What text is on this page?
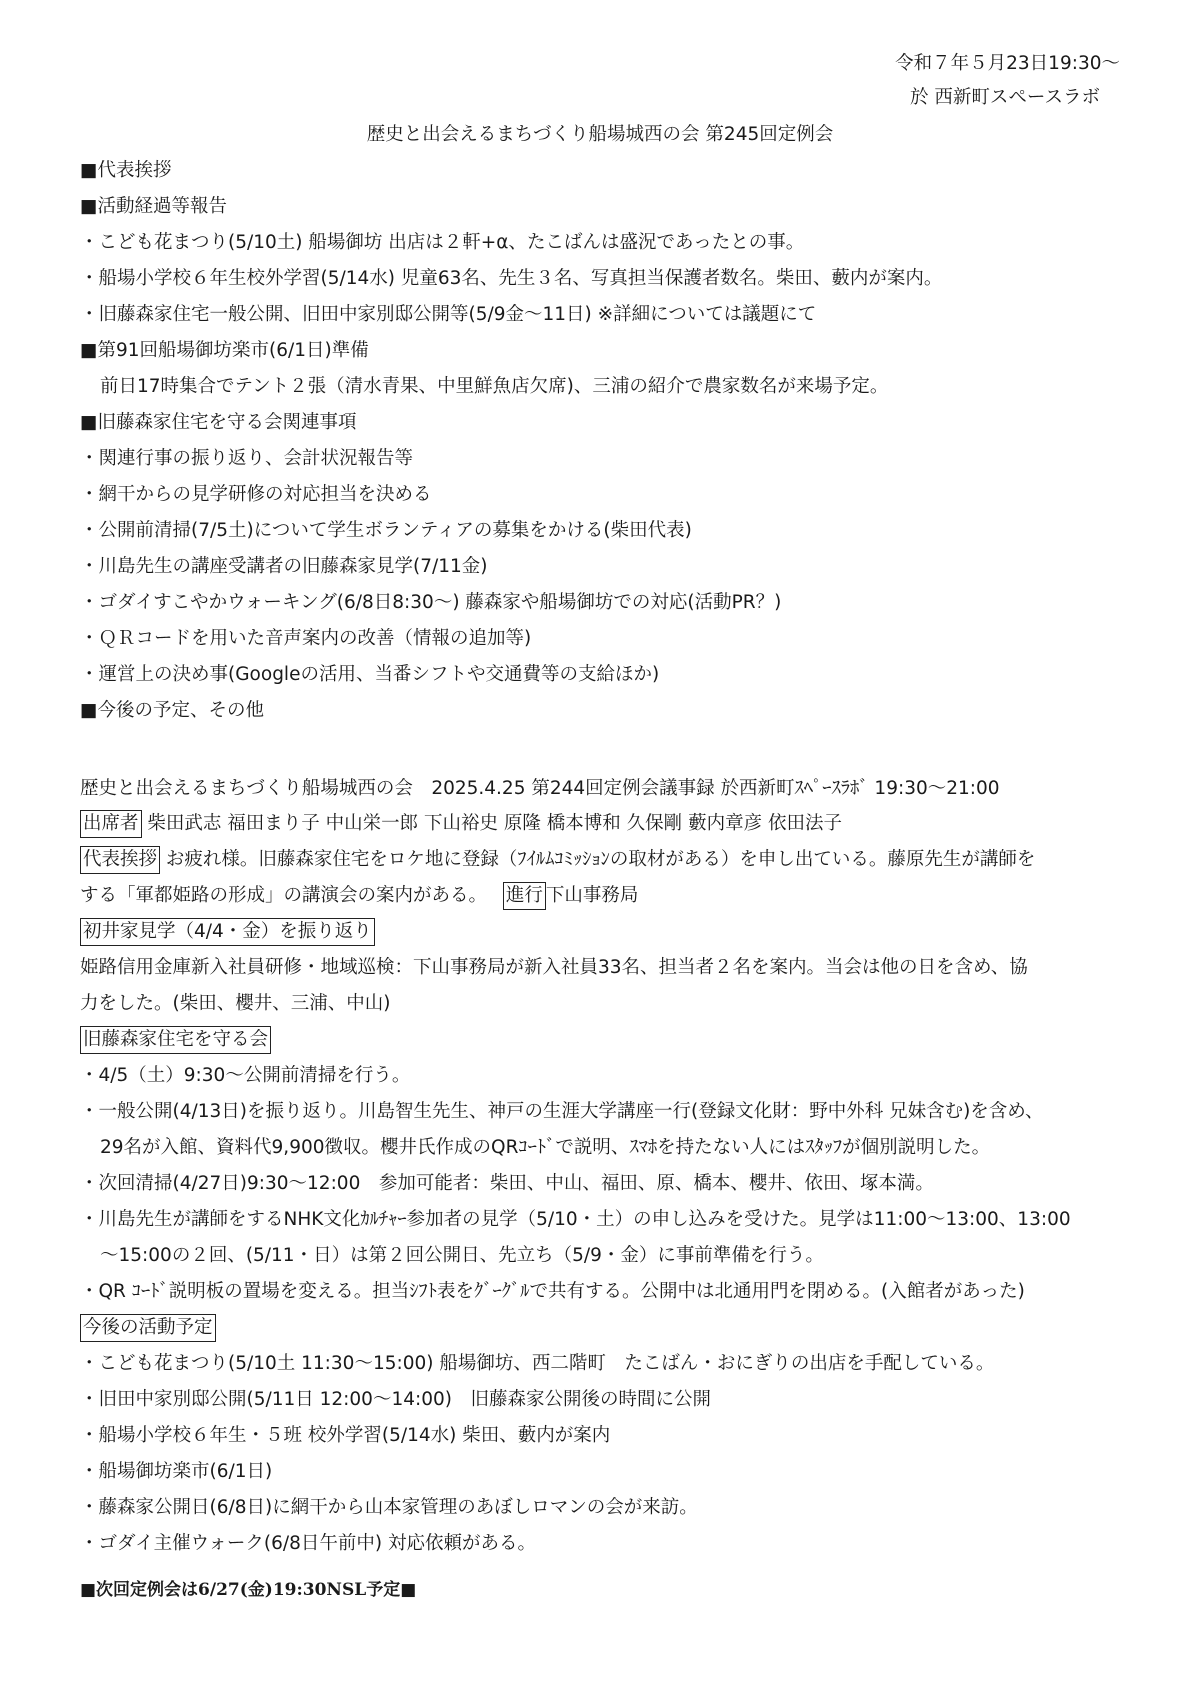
令和７年５月23日19:30～
於 西新町スペースラボ
歴史と出会えるまちづくり船場城西の会 第245回定例会
■代表挨拶
■活動経過等報告
・こども花まつり(5/10土) 船場御坊 出店は２軒+α、たこばんは盛況であったとの事。
・船場小学校６年生校外学習(5/14水) 児童63名、先生３名、写真担当保護者数名。柴田、藪内が案内。
・旧藤森家住宅一般公開、旧田中家別邸公開等(5/9金～11日) ※詳細については議題にて
■第91回船場御坊楽市(6/1日)準備
前日17時集合でテント２張（清水青果、中里鮮魚店欠席)、三浦の紹介で農家数名が来場予定。
■旧藤森家住宅を守る会関連事項
・関連行事の振り返り、会計状況報告等
・網干からの見学研修の対応担当を決める
・公開前清掃(7/5土)について学生ボランティアの募集をかける(柴田代表)
・川島先生の講座受講者の旧藤森家見学(7/11金)
・ゴダイすこやかウォーキング(6/8日8:30～) 藤森家や船場御坊での対応(活動PR？)
・ＱＲコードを用いた音声案内の改善（情報の追加等)
・運営上の決め事(Googleの活用、当番シフトや交通費等の支給ほか)
■今後の予定、その他
歴史と出会えるまちづくり船場城西の会　2025.4.25 第244回定例会議事録 於西新町ｽﾍﾟｰｽﾗﾎﾞ 19:30～21:00
出席者 柴田武志 福田まり子 中山栄一郎 下山裕史 原隆 橋本博和 久保剛 藪内章彦 依田法子
代表挨拶 お疲れ様。旧藤森家住宅をロケ地に登録（ﾌｲﾙﾑｺﾐｯｼｮﾝの取材がある）を申し出ている。藤原先生が講師を
する「軍都姫路の形成」の講演会の案内がある。 進行 下山事務局
初井家見学（4/4・金）を振り返り
姫路信用金庫新入社員研修・地域巡検：下山事務局が新入社員33名、担当者２名を案内。当会は他の日を含め、協
力をした。(柴田、櫻井、三浦、中山)
旧藤森家住宅を守る会
・4/5（土）9:30～公開前清掃を行う。
・一般公開(4/13日)を振り返り。川島智生先生、神戸の生涯大学講座一行(登録文化財：野中外科 兄妹含む)を含め、
29名が入館、資料代9,900徴収。櫻井氏作成のQRｺｰﾄﾞで説明、ｽﾏﾎを持たない人にはｽﾀｯﾌが個別説明した。
・次回清掃(4/27日)9:30～12:00　参加可能者：柴田、中山、福田、原、橋本、櫻井、依田、塚本満。
・川島先生が講師をするNHK文化ｶﾙﾁｬｰ参加者の見学（5/10・土）の申し込みを受けた。見学は11:00～13:00、13:00
～15:00の２回、(5/11・日）は第２回公開日、先立ち（5/9・金）に事前準備を行う。
・QR ｺｰﾄﾞ説明板の置場を変える。担当ｼﾌﾄ表をｸﾞｰｸﾞﾙで共有する。公開中は北通用門を閉める。(入館者があった)
今後の活動予定
・こども花まつり(5/10土 11:30～15:00) 船場御坊、西二階町　たこばん・おにぎりの出店を手配している。
・旧田中家別邸公開(5/11日 12:00～14:00)　旧藤森家公開後の時間に公開
・船場小学校６年生・５班 校外学習(5/14水) 柴田、藪内が案内
・船場御坊楽市(6/1日)
・藤森家公開日(6/8日)に網干から山本家管理のあぼしロマンの会が来訪。
・ゴダイ主催ウォーク(6/8日午前中) 対応依頼がある。
■次回定例会は6/27(金)19:30NSL予定■
